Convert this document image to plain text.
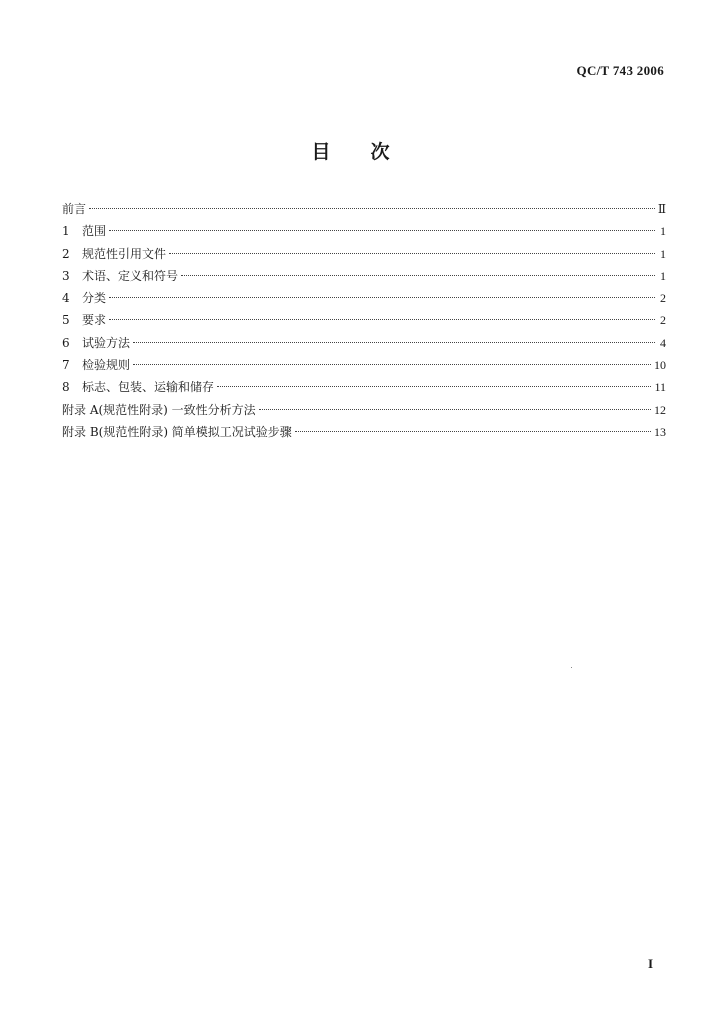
QC/T 743 2006
目 次
前言	Ⅱ
1	范围	1
2	规范性引用文件	1
3	术语、定义和符号	1
4	分类	2
5	要求	2
6	试验方法	4
7	检验规则	10
8	标志、包装、运输和储存	11
附录 A(规范性附录) 一致性分析方法	12
附录 B(规范性附录) 简单模拟工况试验步骤	13
I
